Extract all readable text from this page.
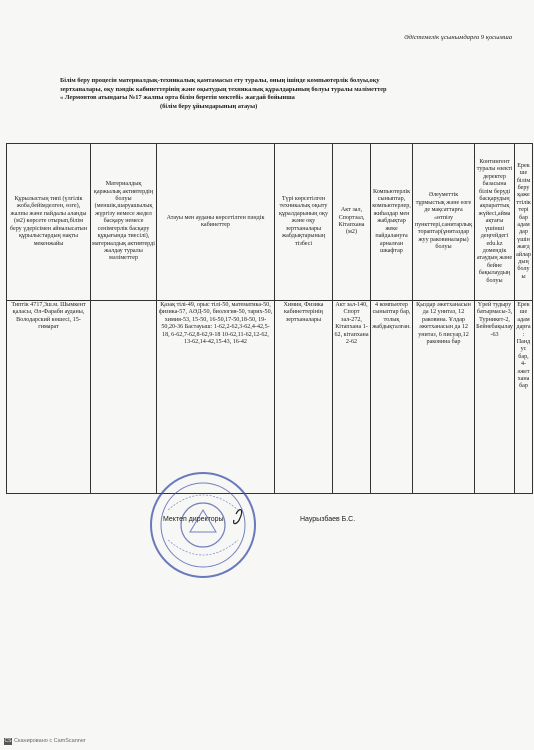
Әдістемелік ұсынымдарға 9 қосымша
Білім беру процесін материалдық-техникалық қамтамасыз ету туралы, оның ішінде компьютерлік болуы,оқу
зертханалары, оқу пәндік кабинеттерінің және оқытудың техникалық құралдарының болуы туралы мәліметтер
« Лермонтов атындағы №17 жалпы орта білім беретін мектебі» жағдай бойынша
(білім беру ұйымдарының атауы)
Құрылыстың типі (үлгілік жоба,бейімделген, өзге), жалпы және пайдалы аланды (м2) көрсете отырып,білім беру үдерісімен айналысатын құрылыстардың нақты мекенжайы	Материалдық қаржылық активтердің болуы (меншік,шаруашылық жүргізу немесе жедел басқару немесе сенімгерлік басқару құқығында тиесілі), материалдық активтерді жалдау туралы мәліметтер	Атауы мен ауданы көрсетілген пәндік кабинеттер	Түрі көрсетілген техникалық оқыту құралдарының оқу және оқу зертханалары жабдықтарының тізбесі	Акт зал, Спортзал, Кітапхана (м2)	Компьютерлік сыныптар, компьютерлер, жиһаздар мен жабдықтар жеке пайдалануға арналған шкафтар	Әлеуметтік тұрмыстық және өзге де мақсаттарға «өтпізу пункттері,санитарлық тораптар(ұнитаздар жуу раковиналары) болуы	Контингент туралы өзекті деректер базасына білім беруді басқарудың ақпараттық жүйесі,айма ақтағы үшінші деңгейдегі edu.kz домендік атаудың және бейне бақылаудың болуы	Ерекше білім беру қажеттіліктері бар адамдар үшін жағдайлардың болуы
Типтік 4717,3ш.м. Шымкент қаласы, Әл-Фараби ауданы, Володарский көшесі, 15-гимарат		Қазақ тілі-49, орыс тілі-50, математика-50, физика-57, АӘД-50, биология-50, тарих-50, химия-53, 15-50, 16-50,17-50,18-50, 19-50,20-36 Бастауыш: 1-62,2-62,3-62,4-42,5-18, 6-62,7-62,8-62,9-18 10-62,11-62,12-62, 13-62,14-42,15-43, 16-42	Химия, Физика кабинеттерінің зертханалары	Акт зал-140, Спорт зал-272, Кітапхана 1-62, кітапхана 2-62	4 компьютер сыныптар бар, толық жабдықталған.	Қыздар әжетханасын да 12 унитаз, 12 раковина. Ұлдар әжетханасын да 12 унитаз, 6 писуар,12 раковина бар	Үрей тудыру батырмасы-3, Турникет-2, Бейнебақылау-63	Ерекше адамдарға: Пандус бар, 4-әжетхана бар
Мектеп директоры	Наурызбаев Б.С.
CS Сканировано с CamScanner
